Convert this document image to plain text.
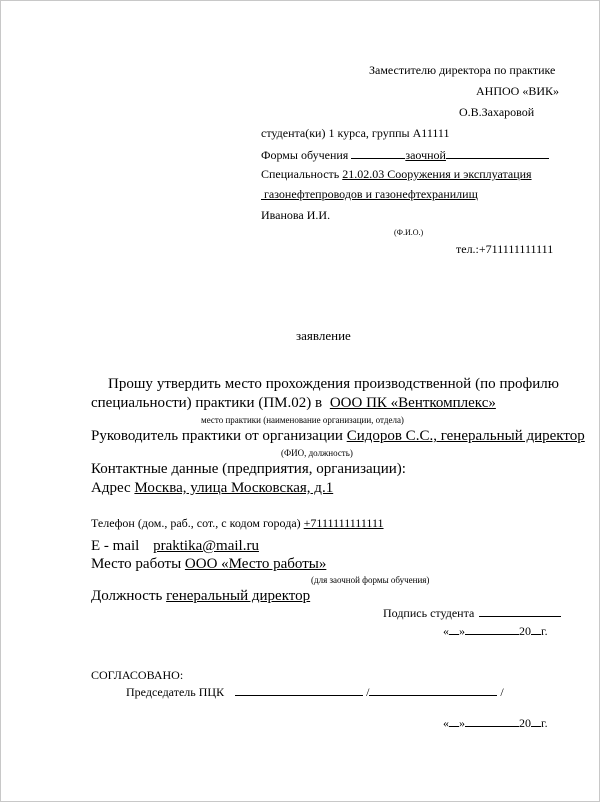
Заместителю директора по практике
АНПОО «ВИК»
О.В.Захаровой
студента(ки) 1 курса, группы А11111
Формы обучения	заочной
Специальность 21.02.03 Сооружения и эксплуатация
газонефтепроводов и газонефтехранилищ
Иванова И.И.
(Ф.И.О.)
тел.:+711111111111
заявление
Прошу утвердить место прохождения производственной (по профилю
специальности) практики (ПМ.02) в ООО ПК «Венткомплекс»
место практики (наименование организации, отдела)
Руководитель практики от организации Сидоров С.С., генеральный директор
(ФИО, должность)
Контактные данные (предприятия, организации):
Адрес Москва, улица Московская, д.1
Телефон (дом., раб., сот., с кодом города) +7111111111111
E - mail praktika@mail.ru
Место работы ООО «Место работы»
(для заочной формы обучения)
Должность генеральный директор
Подпись студента
« »	20 г.
СОГЛАСОВАНО:
Председатель ПЦК	/	/
« »	20 г.
